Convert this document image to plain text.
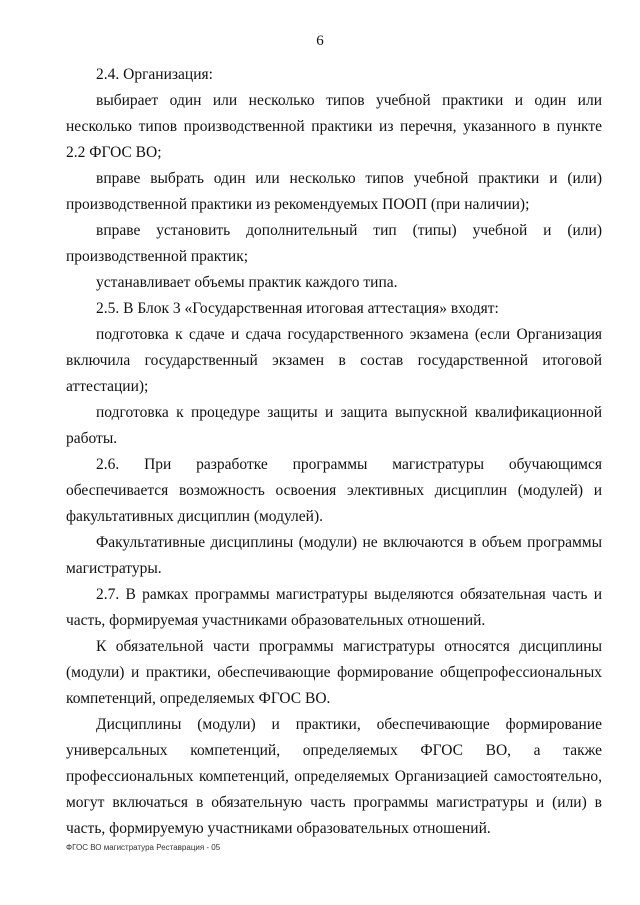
6

2.4. Организация:

выбирает один или несколько типов учебной практики и один или несколько типов производственной практики из перечня, указанного в пункте 2.2 ФГОС ВО;

вправе выбрать один или несколько типов учебной практики и (или) производственной практики из рекомендуемых ПООП (при наличии);

вправе установить дополнительный тип (типы) учебной и (или) производственной практик;

устанавливает объемы практик каждого типа.

2.5. В Блок 3 «Государственная итоговая аттестация» входят:

подготовка к сдаче и сдача государственного экзамена (если Организация включила государственный экзамен в состав государственной итоговой аттестации);

подготовка к процедуре защиты и защита выпускной квалификационной работы.

2.6. При разработке программы магистратуры обучающимся обеспечивается возможность освоения элективных дисциплин (модулей) и факультативных дисциплин (модулей).

Факультативные дисциплины (модули) не включаются в объем программы магистратуры.

2.7. В рамках программы магистратуры выделяются обязательная часть и часть, формируемая участниками образовательных отношений.

К обязательной части программы магистратуры относятся дисциплины (модули) и практики, обеспечивающие формирование общепрофессиональных компетенций, определяемых ФГОС ВО.

Дисциплины (модули) и практики, обеспечивающие формирование универсальных компетенций, определяемых ФГОС ВО, а также профессиональных компетенций, определяемых Организацией самостоятельно, могут включаться в обязательную часть программы магистратуры и (или) в часть, формируемую участниками образовательных отношений.

ФГОС ВО магистратура Реставрация - 05
